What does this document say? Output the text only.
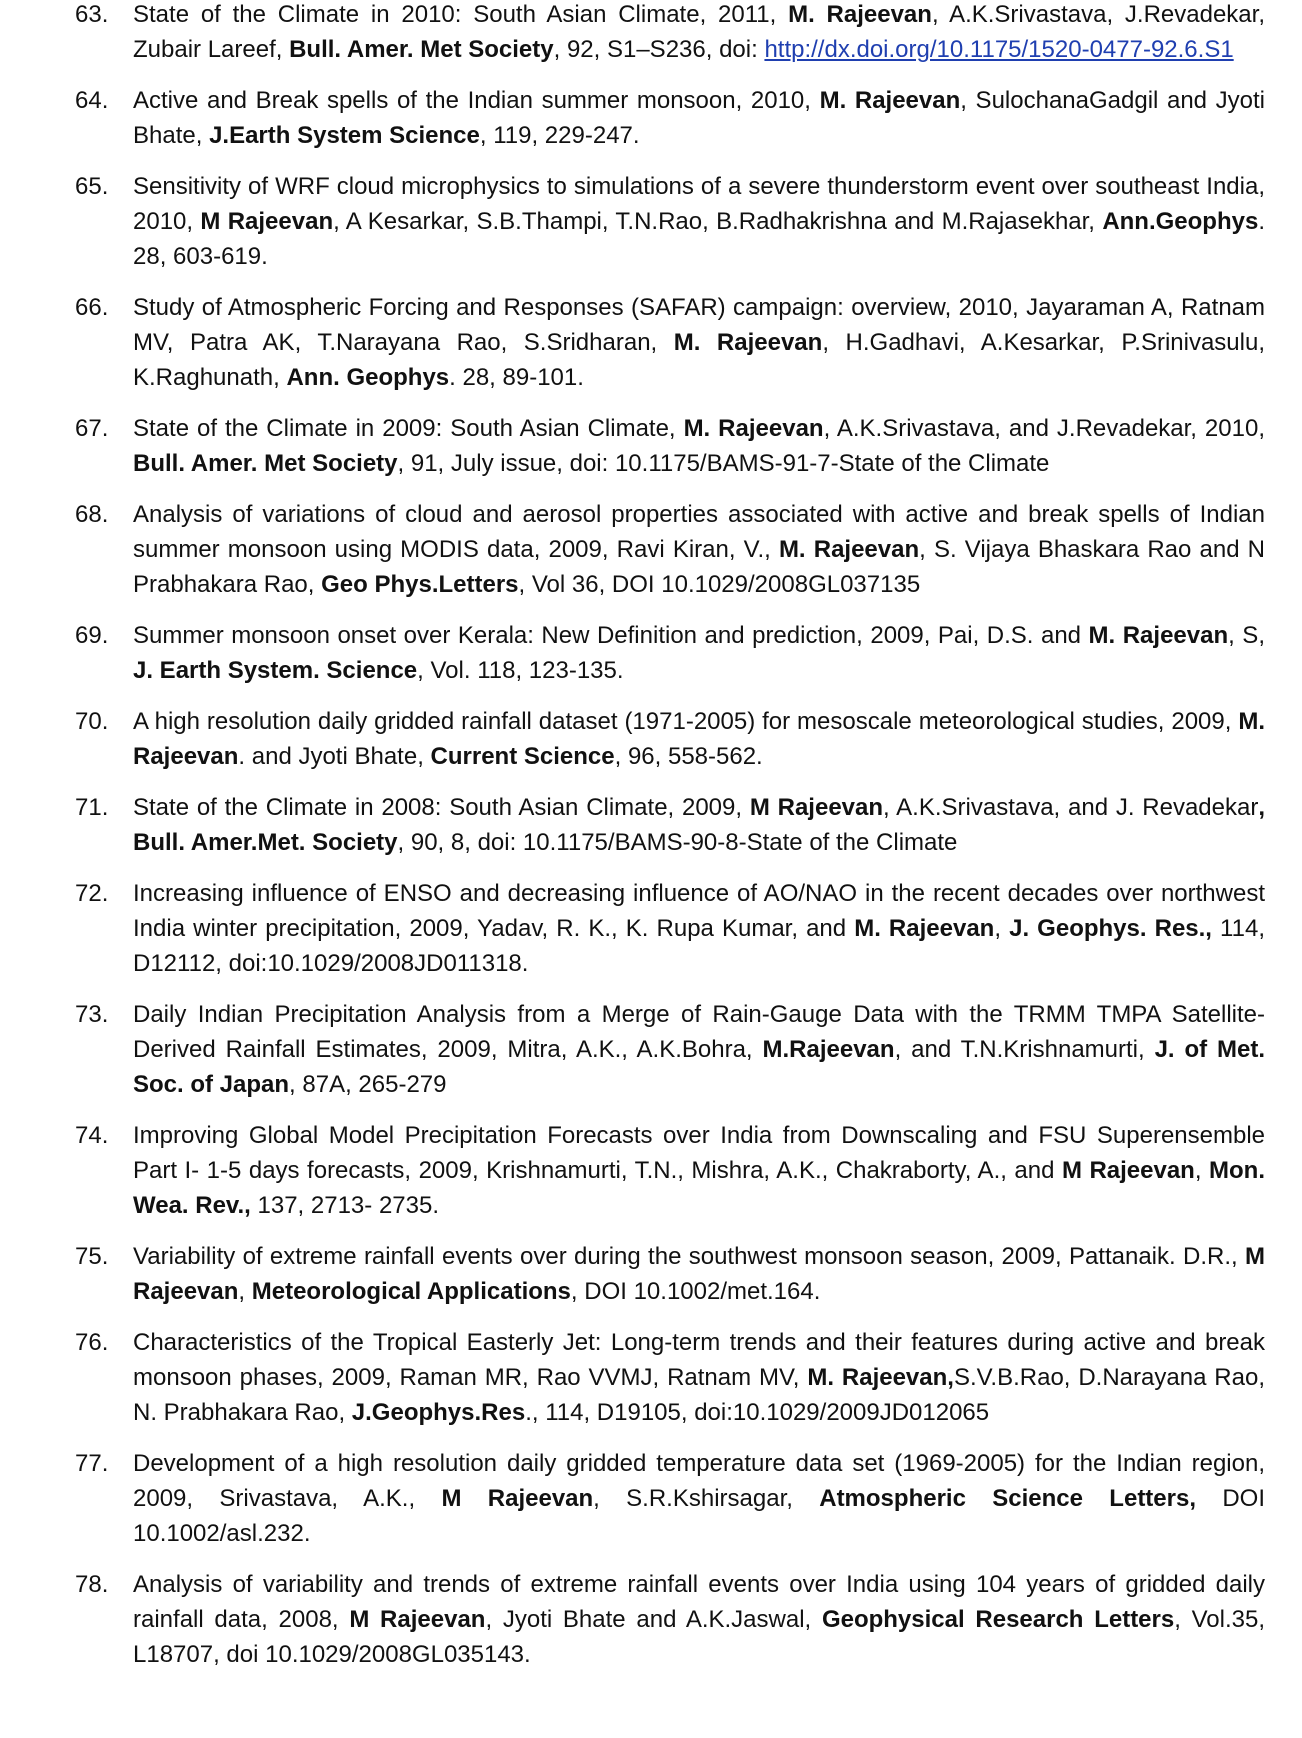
63.	State of the Climate in 2010: South Asian Climate, 2011, M. Rajeevan, A.K.Srivastava, J.Revadekar, Zubair Lareef, Bull. Amer. Met Society, 92, S1–S236, doi: http://dx.doi.org/10.1175/1520-0477-92.6.S1
64.	Active and Break spells of the Indian summer monsoon, 2010, M. Rajeevan, SulochanaGadgil and Jyoti Bhate, J.Earth System Science, 119, 229-247.
65.	Sensitivity of WRF cloud microphysics to simulations of a severe thunderstorm event over southeast India, 2010, M Rajeevan, A Kesarkar, S.B.Thampi, T.N.Rao, B.Radhakrishna and M.Rajasekhar, Ann.Geophys. 28, 603-619.
66.	Study of Atmospheric Forcing and Responses (SAFAR) campaign: overview, 2010, Jayaraman A, Ratnam MV, Patra AK, T.Narayana Rao, S.Sridharan, M. Rajeevan, H.Gadhavi, A.Kesarkar, P.Srinivasulu, K.Raghunath, Ann. Geophys. 28, 89-101.
67.	State of the Climate in 2009: South Asian Climate, M. Rajeevan, A.K.Srivastava, and J.Revadekar, 2010, Bull. Amer. Met Society, 91, July issue, doi: 10.1175/BAMS-91-7-State of the Climate
68.	Analysis of variations of cloud and aerosol properties associated with active and break spells of Indian summer monsoon using MODIS data, 2009, Ravi Kiran, V., M. Rajeevan, S. Vijaya Bhaskara Rao and N Prabhakara Rao, Geo Phys.Letters, Vol 36, DOI 10.1029/2008GL037135
69.	Summer monsoon onset over Kerala: New Definition and prediction, 2009, Pai, D.S. and M. Rajeevan, S, J. Earth System. Science, Vol. 118, 123-135.
70.	A high resolution daily gridded rainfall dataset (1971-2005) for mesoscale meteorological studies, 2009, M. Rajeevan. and Jyoti Bhate, Current Science, 96, 558-562.
71.	State of the Climate in 2008: South Asian Climate, 2009, M Rajeevan, A.K.Srivastava, and J. Revadekar, Bull. Amer.Met. Society, 90, 8, doi: 10.1175/BAMS-90-8-State of the Climate
72.	Increasing influence of ENSO and decreasing influence of AO/NAO in the recent decades over northwest India winter precipitation, 2009, Yadav, R. K., K. Rupa Kumar, and M. Rajeevan, J. Geophys. Res., 114, D12112, doi:10.1029/2008JD011318.
73.	Daily Indian Precipitation Analysis from a Merge of Rain-Gauge Data with the TRMM TMPA Satellite-Derived Rainfall Estimates, 2009, Mitra, A.K., A.K.Bohra, M.Rajeevan, and T.N.Krishnamurti, J. of Met. Soc. of Japan, 87A, 265-279
74.	Improving Global Model Precipitation Forecasts over India from Downscaling and FSU Superensemble Part I- 1-5 days forecasts, 2009, Krishnamurti, T.N., Mishra, A.K., Chakraborty, A., and M Rajeevan, Mon. Wea. Rev., 137, 2713- 2735.
75.	Variability of extreme rainfall events over during the southwest monsoon season, 2009, Pattanaik. D.R., M Rajeevan, Meteorological Applications, DOI 10.1002/met.164.
76.	Characteristics of the Tropical Easterly Jet: Long-term trends and their features during active and break monsoon phases, 2009, Raman MR, Rao VVMJ, Ratnam MV, M. Rajeevan,S.V.B.Rao, D.Narayana Rao, N. Prabhakara Rao, J.Geophys.Res., 114, D19105, doi:10.1029/2009JD012065
77.	Development of a high resolution daily gridded temperature data set (1969-2005) for the Indian region, 2009, Srivastava, A.K., M Rajeevan, S.R.Kshirsagar, Atmospheric Science Letters, DOI 10.1002/asl.232.
78.	Analysis of variability and trends of extreme rainfall events over India using 104 years of gridded daily rainfall data, 2008, M Rajeevan, Jyoti Bhate and A.K.Jaswal, Geophysical Research Letters, Vol.35, L18707, doi 10.1029/2008GL035143.
